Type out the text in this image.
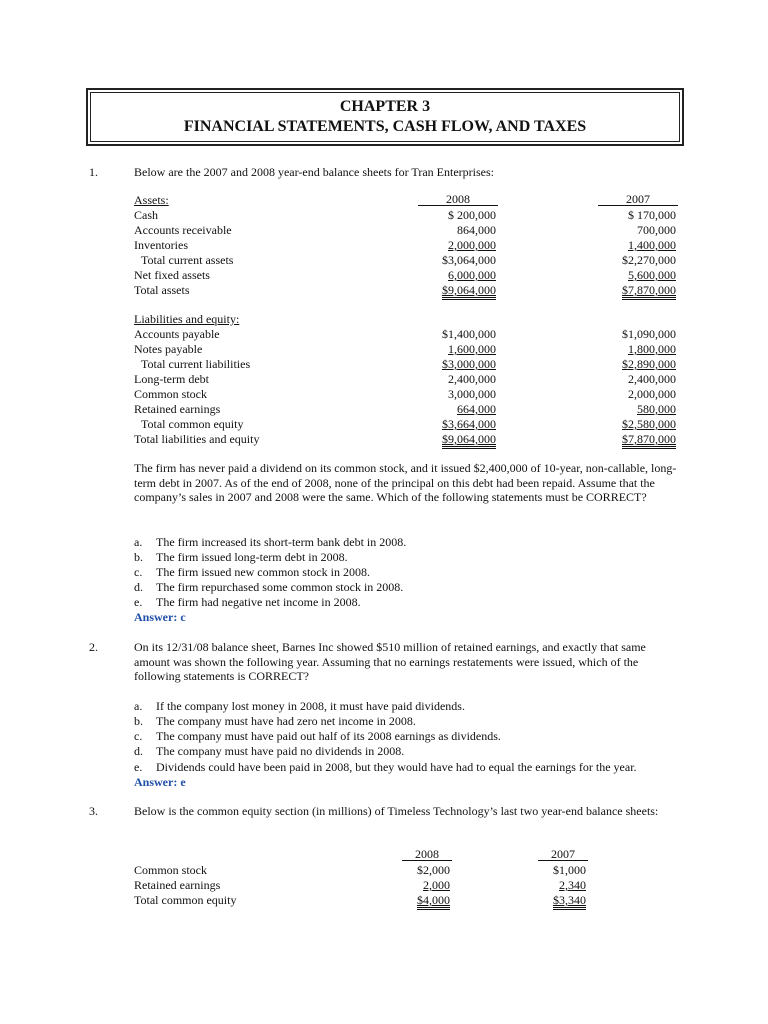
CHAPTER 3
FINANCIAL STATEMENTS, CASH FLOW, AND TAXES
1.	Below are the 2007 and 2008 year-end balance sheets for Tran Enterprises:
Assets:	2008	2007
Cash	$ 200,000	$ 170,000
Accounts receivable	864,000	700,000
Inventories	2,000,000	1,400,000
Total current assets	$3,064,000	$2,270,000
Net fixed assets	6,000,000	5,600,000
Total assets	$9,064,000	$7,870,000
Liabilities and equity:
Accounts payable	$1,400,000	$1,090,000
Notes payable	1,600,000	1,800,000
Total current liabilities	$3,000,000	$2,890,000
Long-term debt	2,400,000	2,400,000
Common stock	3,000,000	2,000,000
Retained earnings	664,000	580,000
Total common equity	$3,664,000	$2,580,000
Total liabilities and equity	$9,064,000	$7,870,000
The firm has never paid a dividend on its common stock, and it issued $2,400,000 of 10-year, non-callable, long-term debt in 2007. As of the end of 2008, none of the principal on this debt had been repaid. Assume that the company’s sales in 2007 and 2008 were the same. Which of the following statements must be CORRECT?
a. The firm increased its short-term bank debt in 2008.
b. The firm issued long-term debt in 2008.
c. The firm issued new common stock in 2008.
d. The firm repurchased some common stock in 2008.
e. The firm had negative net income in 2008.
Answer: c
2.	On its 12/31/08 balance sheet, Barnes Inc showed $510 million of retained earnings, and exactly that same amount was shown the following year. Assuming that no earnings restatements were issued, which of the following statements is CORRECT?
a. If the company lost money in 2008, it must have paid dividends.
b. The company must have had zero net income in 2008.
c. The company must have paid out half of its 2008 earnings as dividends.
d. The company must have paid no dividends in 2008.
e. Dividends could have been paid in 2008, but they would have had to equal the earnings for the year.
Answer: e
3.	Below is the common equity section (in millions) of Timeless Technology’s last two year-end balance sheets:
2008	2007
Common stock	$2,000	$1,000
Retained earnings	2,000	2,340
Total common equity	$4,000	$3,340
